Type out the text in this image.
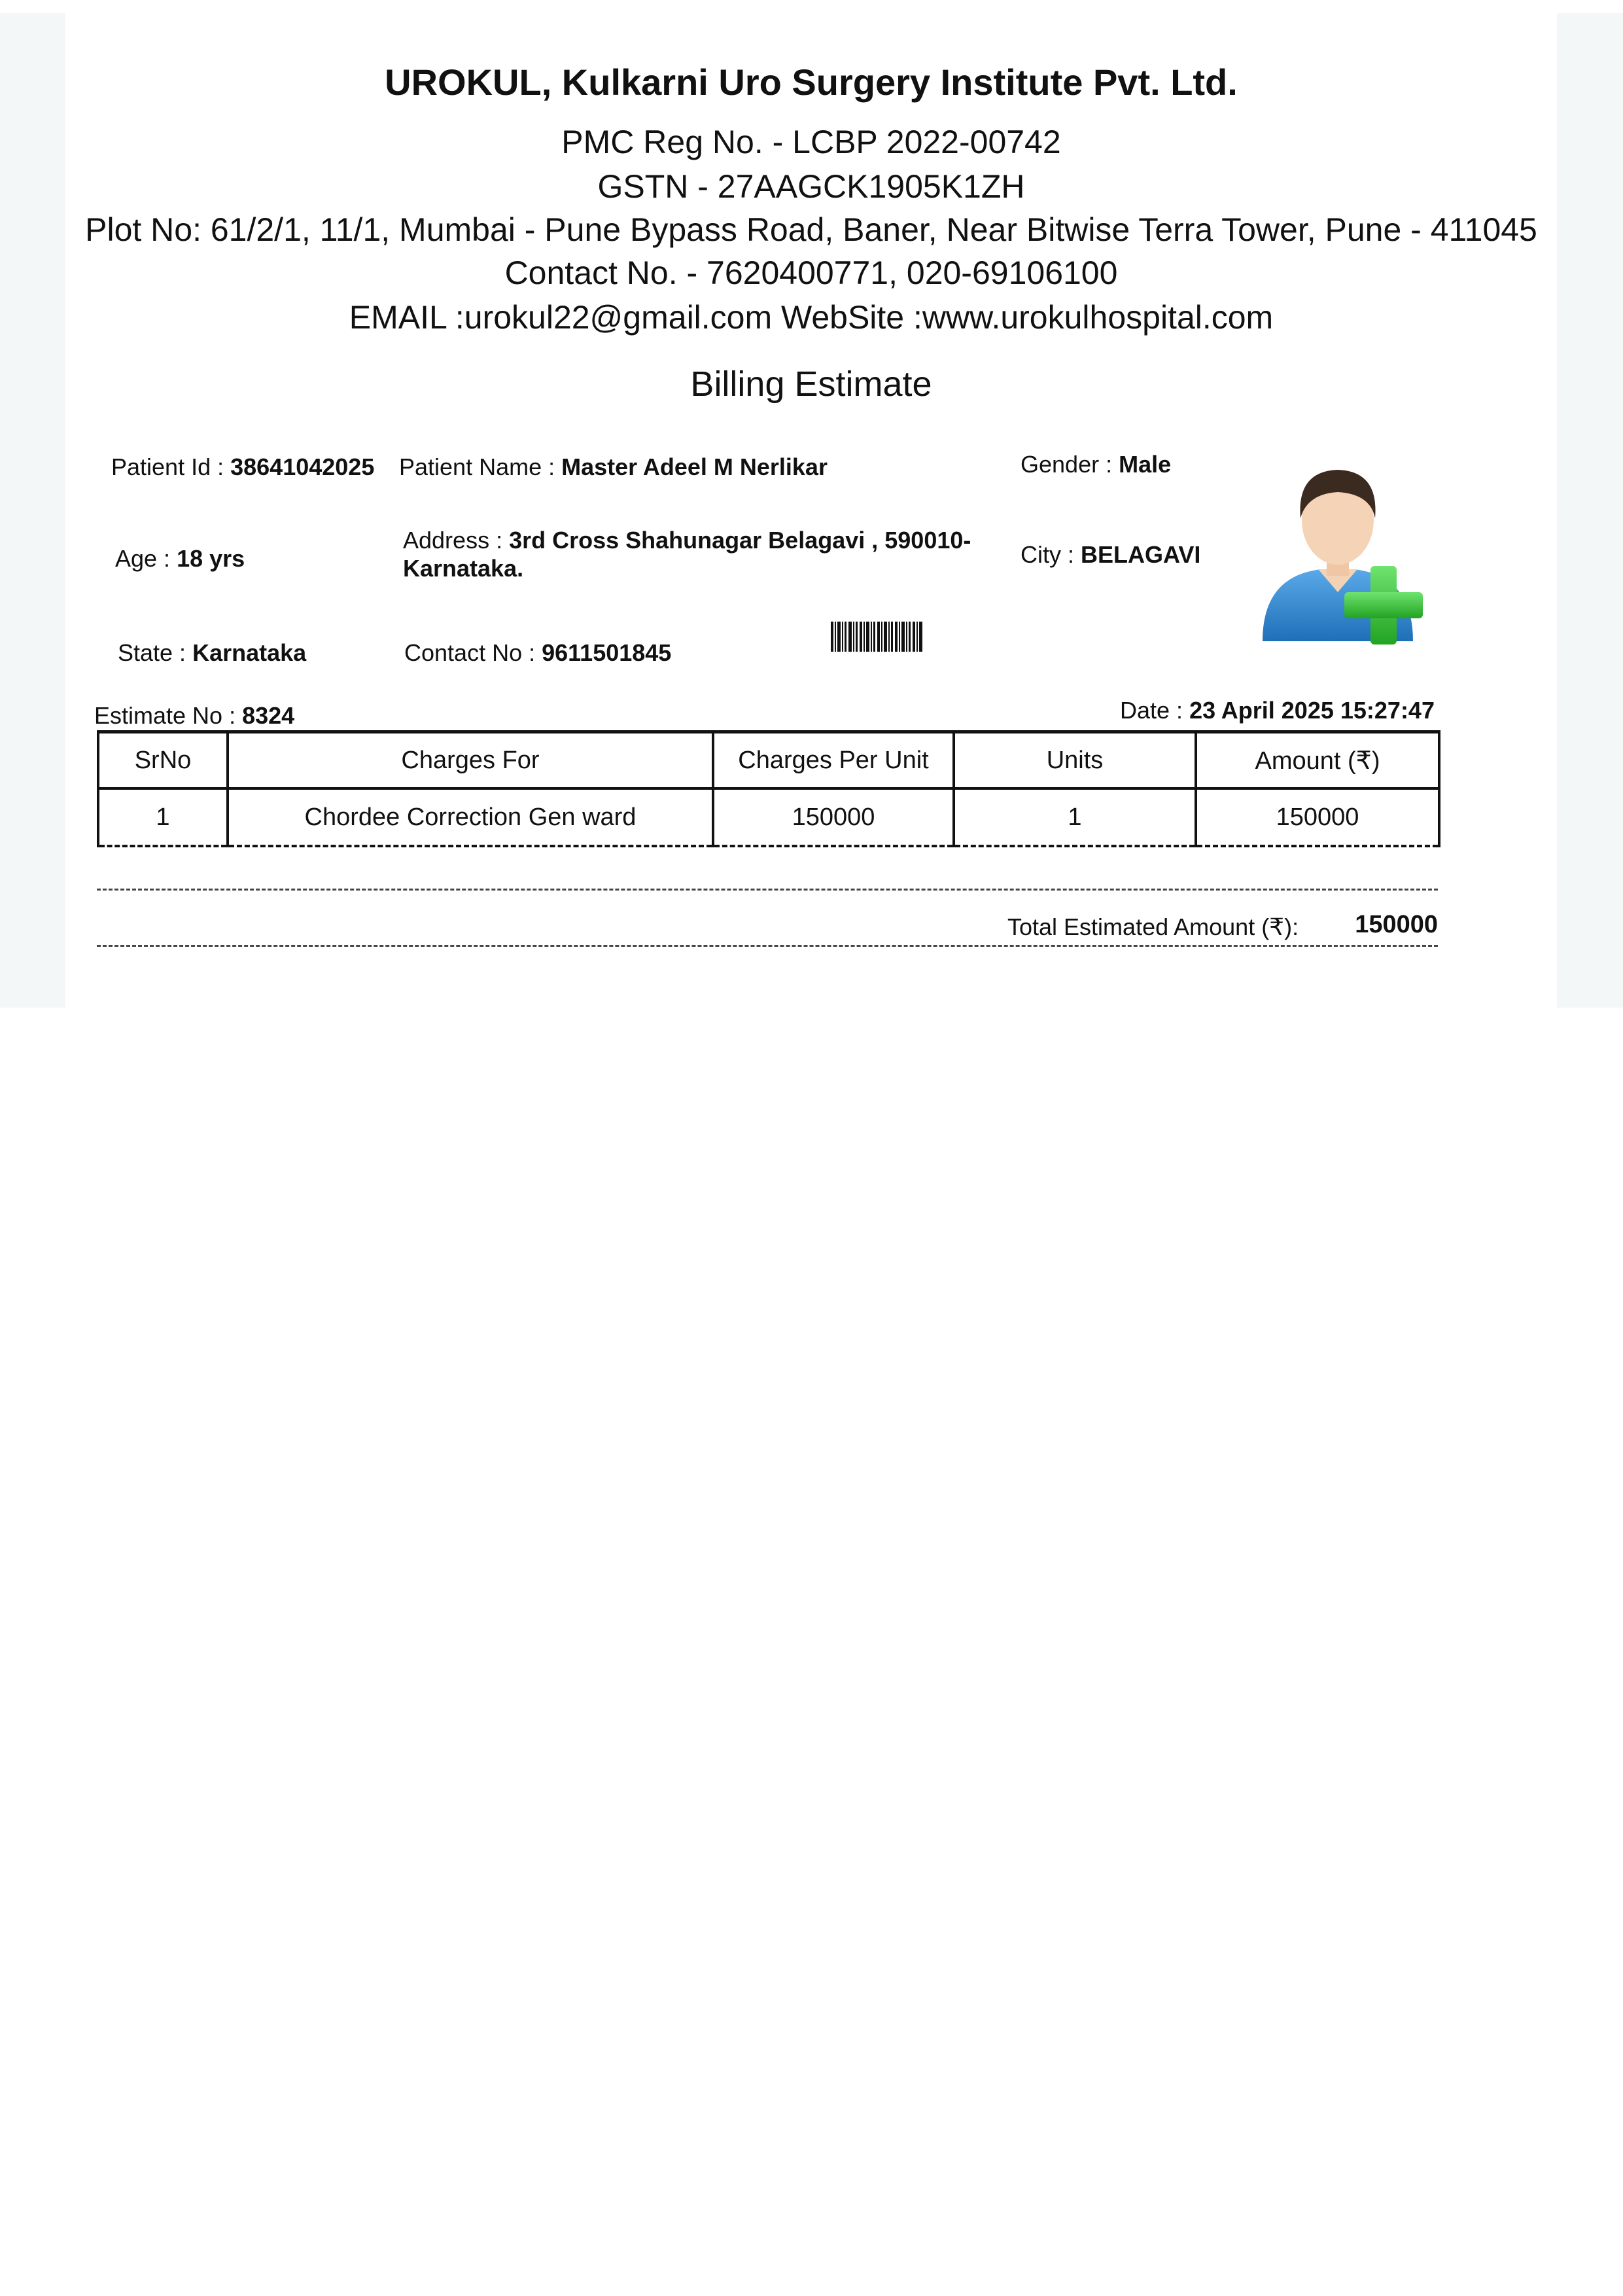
UROKUL, Kulkarni Uro Surgery Institute Pvt. Ltd.
PMC Reg No. - LCBP 2022-00742
GSTN - 27AAGCK1905K1ZH
Plot No: 61/2/1, 11/1, Mumbai - Pune Bypass Road, Baner, Near Bitwise Terra Tower, Pune - 411045
Contact No. - 7620400771, 020-69106100
EMAIL :urokul22@gmail.com WebSite :www.urokulhospital.com
Billing Estimate
Patient Id : 38641042025 Patient Name : Master Adeel M Nerlikar	Gender : Male
Age : 18 yrs
Address : 3rd Cross Shahunagar Belagavi , 590010-
Karnataka.
City : BELAGAVI
State : Karnataka	Contact No : 9611501845
Estimate No : 8324	Date : 23 April 2025 15:27:47
SrNo	Charges For	Charges Per Unit	Units	Amount (₹)
1	Chordee Correction Gen ward	150000	1	150000
Total Estimated Amount (₹):	150000
